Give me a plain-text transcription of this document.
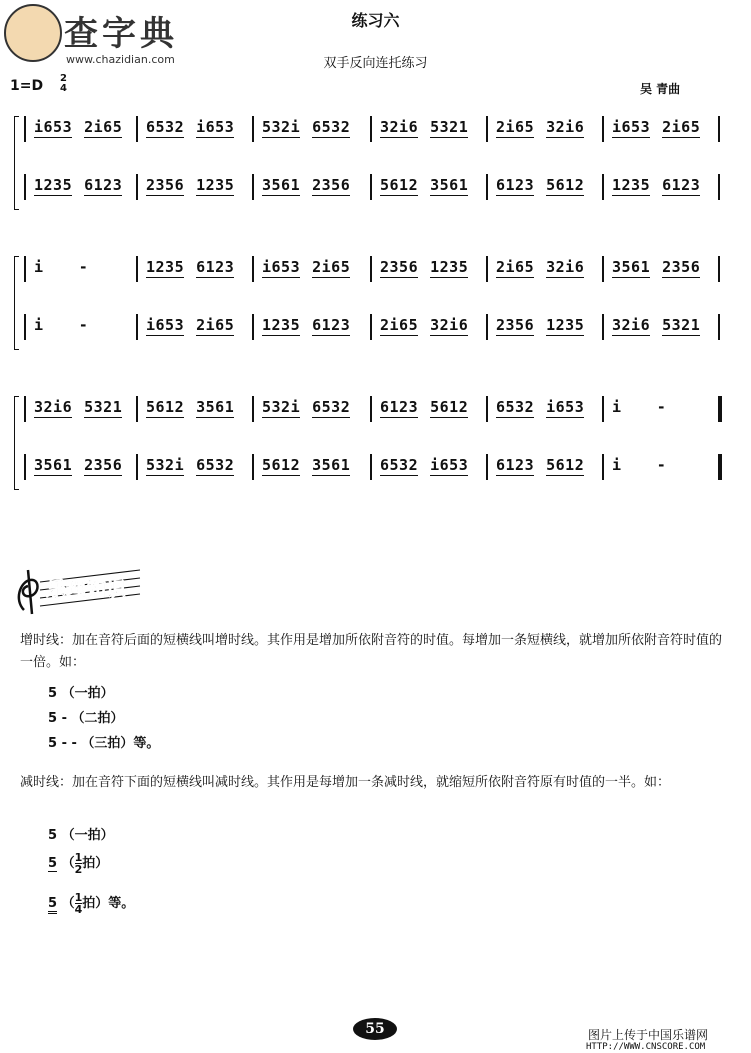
查字典
www.chazidian.com
练习六
双手反向连托练习
1=D 2
4	吴 青曲
i653 2i65 6532 i653 532i 6532 32i6 5321 2i65 32i6 i653 2i65
1235 6123 2356 1235 3561 2356 5612 3561 6123 5612 1235 6123
i -	1235 6123 i653 2i65 2356 1235 2i65 32i6 3561 2356
i -	i653 2i65 1235 6123 2i65 32i6 2356 1235 32i6 5321
32i6 5321 5612 3561 532i 6532 6123 5612 6532 i653 i -
3561 2356 532i 6532 5612 3561 6532 i653 6123 5612 i -
乐理知识
增时线：加在音符后面的短横线叫增时线。其作用是增加所依附音符的时值。每增加一条短横线，就增加所依附音符时值的一倍。如：
5 （一拍）
5 - （二拍）
5 - - （三拍）等。
减时线：加在音符下面的短横线叫减时线。其作用是每增加一条减时线，就缩短所依附音符原有时值的一半。如：
5 （一拍）
5 （ $\frac{1}{2}$ 拍）
5 （ $\frac{1}{4}$ 拍）等。
55	图片上传于中国乐谱网
HTTP://WWW.CNSCORE.COM
